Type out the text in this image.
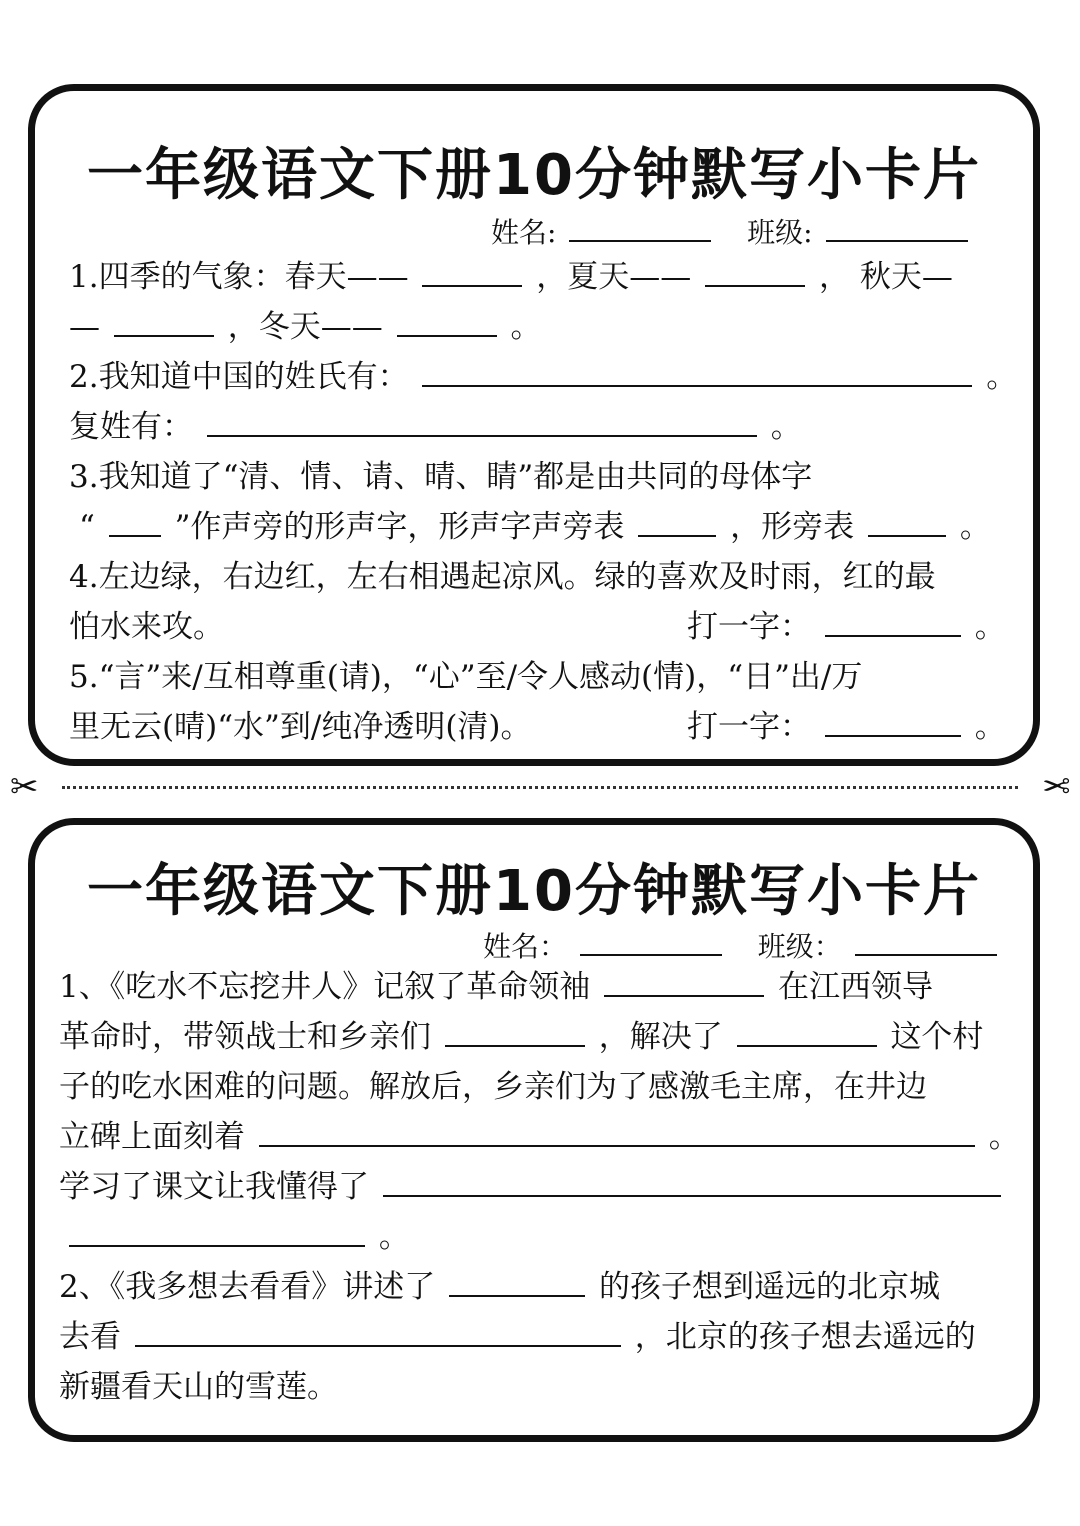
一年级语文下册10分钟默写小卡片
姓名:	班级:
1.四季的气象：春天——	，夏天——	， 秋天—
—	，冬天——	。
2.我知道中国的姓氏有：	。
复姓有：	。
3.我知道了“清、情、请、晴、睛”都是由共同的母体字
“	”作声旁的形声字，形声字声旁表	，形旁表	。
4.左边绿，右边红，左右相遇起凉风。绿的喜欢及时雨，红的最
怕水来攻。	打一字：	。
5.“言”来/互相尊重(请)，“心”至/令人感动(情)，“日”出/万
里无云(晴)“水”到/纯净透明(清)。	打一字：	。
✂	✂
一年级语文下册10分钟默写小卡片
姓名：	班级：
1、《吃水不忘挖井人》记叙了革命领袖	在江西领导
革命时，带领战士和乡亲们	，解决了	这个村
子的吃水困难的问题。解放后，乡亲们为了感激毛主席，在井边
立碑上面刻着	。
学习了课文让我懂得了
。
2、《我多想去看看》讲述了	的孩子想到遥远的北京城
去看	，北京的孩子想去遥远的
新疆看天山的雪莲。
